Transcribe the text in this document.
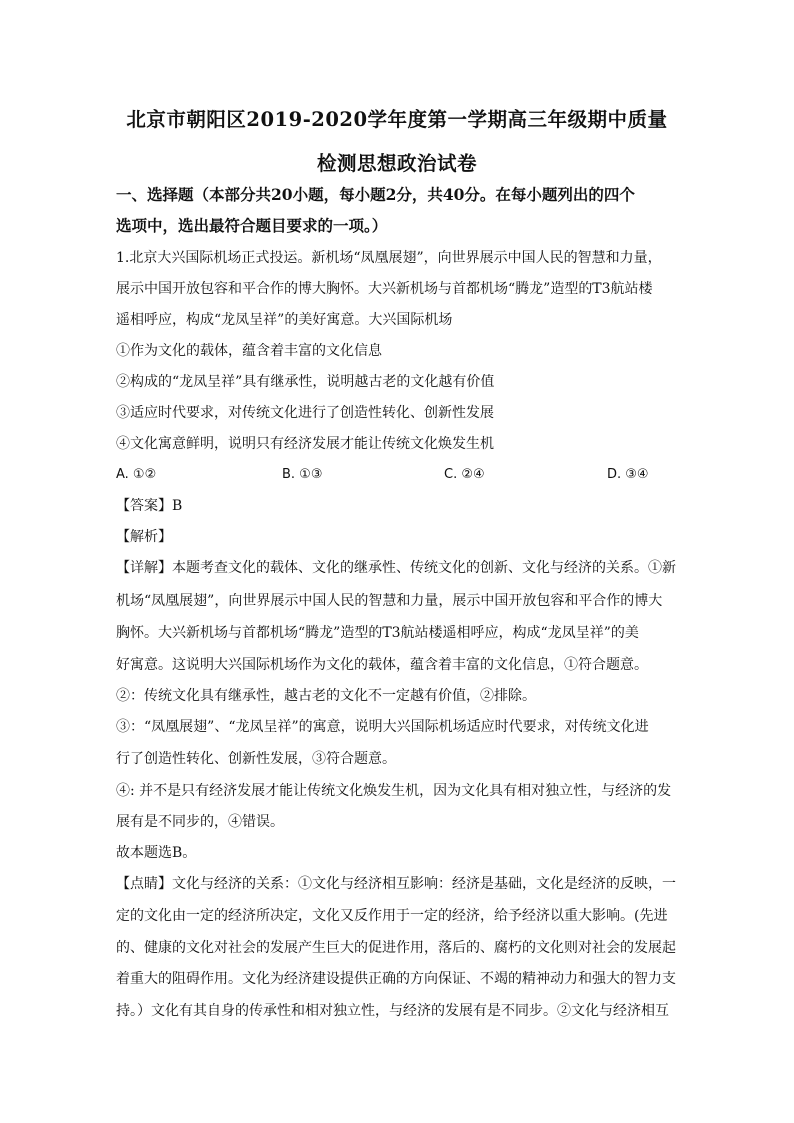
北京市朝阳区2019-2020学年度第一学期高三年级期中质量
检测思想政治试卷
一、选择题（本部分共20小题，每小题2分，共40分。在每小题列出的四个
选项中，选出最符合题目要求的一项。）
1.北京大兴国际机场正式投运。新机场“凤凰展翅”，向世界展示中国人民的智慧和力量，
展示中国开放包容和平合作的博大胸怀。大兴新机场与首都机场“腾龙”造型的T3航站楼
遥相呼应，构成“龙凤呈祥”的美好寓意。大兴国际机场
①作为文化的载体，蕴含着丰富的文化信息
②构成的“龙凤呈祥”具有继承性，说明越古老的文化越有价值
③适应时代要求，对传统文化进行了创造性转化、创新性发展
④文化寓意鲜明，说明只有经济发展才能让传统文化焕发生机
A. ①②	B. ①③	C. ②④	D. ③④
【答案】B
【解析】
【详解】本题考查文化的载体、文化的继承性、传统文化的创新、文化与经济的关系。①新
机场“凤凰展翅”，向世界展示中国人民的智慧和力量，展示中国开放包容和平合作的博大
胸怀。大兴新机场与首都机场“腾龙”造型的T3航站楼遥相呼应，构成“龙凤呈祥”的美
好寓意。这说明大兴国际机场作为文化的载体，蕴含着丰富的文化信息，①符合题意。
②：传统文化具有继承性，越古老的文化不一定越有价值，②排除。
③：“凤凰展翅”、“龙凤呈祥”的寓意，说明大兴国际机场适应时代要求，对传统文化进
行了创造性转化、创新性发展，③符合题意。
④: 并不是只有经济发展才能让传统文化焕发生机，因为文化具有相对独立性，与经济的发
展有是不同步的，④错误。
故本题选B。
【点睛】文化与经济的关系：①文化与经济相互影响：经济是基础，文化是经济的反映，一
定的文化由一定的经济所决定，文化又反作用于一定的经济，给予经济以重大影响。(先进
的、健康的文化对社会的发展产生巨大的促进作用，落后的、腐朽的文化则对社会的发展起
着重大的阻碍作用。文化为经济建设提供正确的方向保证、不竭的精神动力和强大的智力支
持。）文化有其自身的传承性和相对独立性，与经济的发展有是不同步。②文化与经济相互
